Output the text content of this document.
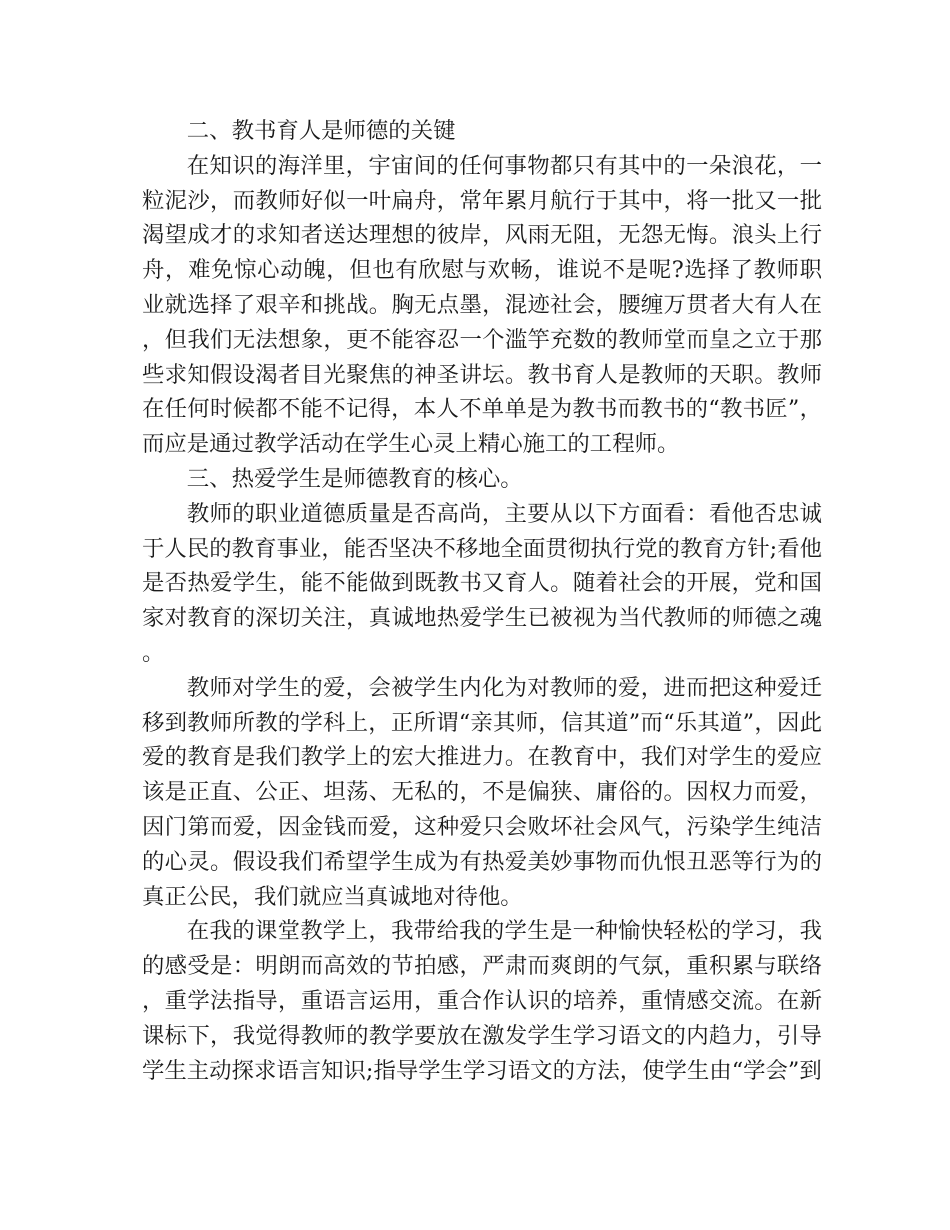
二、教书育人是师德的关键

在知识的海洋里，宇宙间的任何事物都只有其中的一朵浪花，一粒泥沙，而教师好似一叶扁舟，常年累月航行于其中，将一批又一批渴望成才的求知者送达理想的彼岸，风雨无阻，无怨无悔。浪头上行舟，难免惊心动魄，但也有欣慰与欢畅，谁说不是呢?选择了教师职业就选择了艰辛和挑战。胸无点墨，混迹社会，腰缠万贯者大有人在，但我们无法想象，更不能容忍一个滥竽充数的教师堂而皇之立于那些求知假设渴者目光聚焦的神圣讲坛。教书育人是教师的天职。教师在任何时候都不能不记得，本人不单单是为教书而教书的“教书匠”，而应是通过教学活动在学生心灵上精心施工的工程师。

三、热爱学生是师德教育的核心。

教师的职业道德质量是否高尚，主要从以下方面看：看他否忠诚于人民的教育事业，能否坚决不移地全面贯彻执行党的教育方针;看他是否热爱学生，能不能做到既教书又育人。随着社会的开展，党和国家对教育的深切关注，真诚地热爱学生已被视为当代教师的师德之魂。

教师对学生的爱，会被学生内化为对教师的爱，进而把这种爱迁移到教师所教的学科上，正所谓“亲其师，信其道”而“乐其道”，因此爱的教育是我们教学上的宏大推进力。在教育中，我们对学生的爱应该是正直、公正、坦荡、无私的，不是偏狭、庸俗的。因权力而爱，因门第而爱，因金钱而爱，这种爱只会败坏社会风气，污染学生纯洁的心灵。假设我们希望学生成为有热爱美妙事物而仇恨丑恶等行为的真正公民，我们就应当真诚地对待他。

在我的课堂教学上，我带给我的学生是一种愉快轻松的学习，我的感受是：明朗而高效的节拍感，严肃而爽朗的气氛，重积累与联络，重学法指导，重语言运用，重合作认识的培养，重情感交流。在新课标下，我觉得教师的教学要放在激发学生学习语文的内趋力，引导学生主动探求语言知识;指导学生学习语文的方法，使学生由“学会”到
